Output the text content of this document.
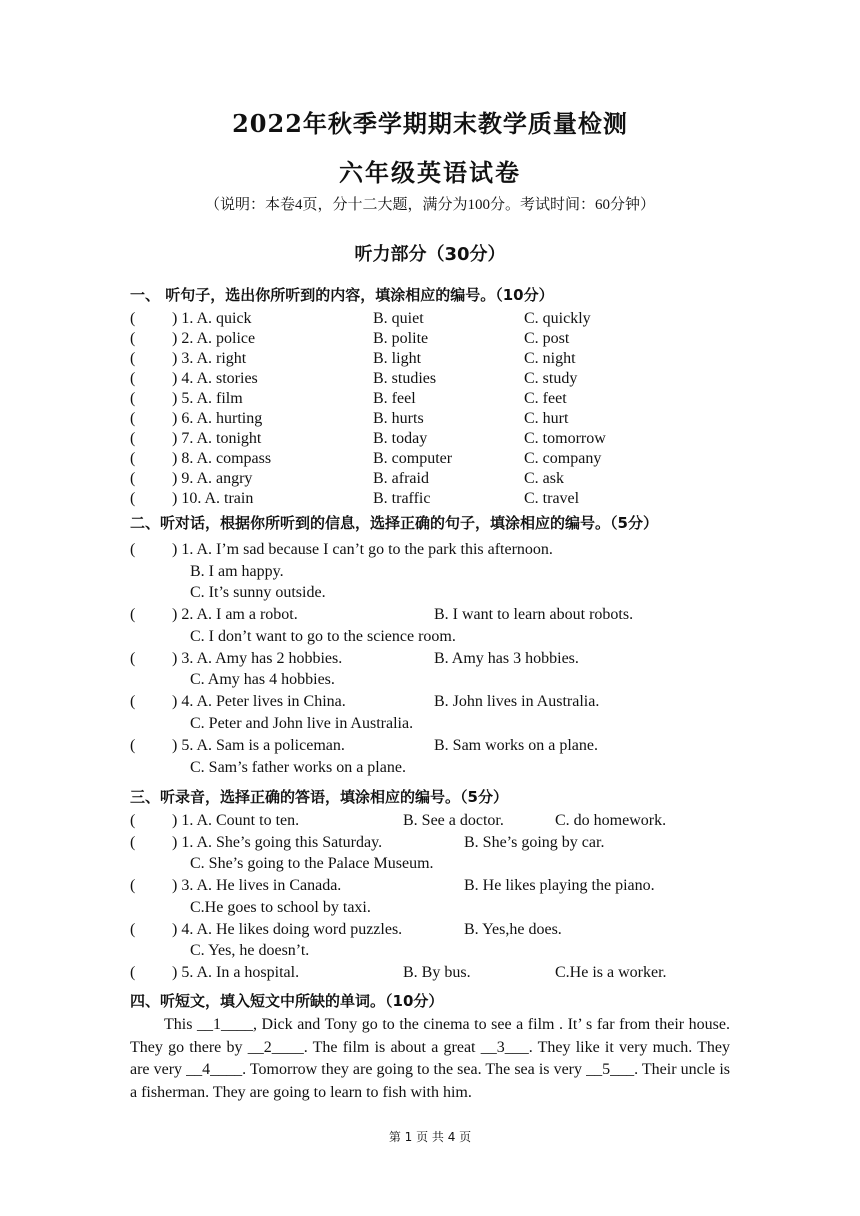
2022年秋季学期期末教学质量检测
六年级英语试卷
（说明：本卷4页，分十二大题，满分为100分。考试时间：60分钟）
听力部分（30分）
一、 听句子，选出你所听到的内容，填涂相应的编号。（10分）
( ) 1. A. quick	B. quiet	C. quickly
( ) 2. A. police	B. polite	C. post
( ) 3. A. right	B. light	C. night
( ) 4. A. stories	B. studies	C. study
( ) 5. A. film	B. feel	C. feet
( ) 6. A. hurting	B. hurts	C. hurt
( ) 7. A. tonight	B. today	C. tomorrow
( ) 8. A. compass	B. computer	C. company
( ) 9. A. angry	B. afraid	C. ask
( ) 10. A. train	B. traffic	C. travel
二、听对话，根据你所听到的信息，选择正确的句子，填涂相应的编号。（5分）
( ) 1. A. I’m sad because I can’t go to the park this afternoon.
B. I am happy.
C. It’s sunny outside.
( ) 2. A. I am a robot.	B. I want to learn about robots.
C. I don’t want to go to the science room.
( ) 3. A. Amy has 2 hobbies.	B. Amy has 3 hobbies.
C. Amy has 4 hobbies.
( ) 4. A. Peter lives in China.	B. John lives in Australia.
C. Peter and John live in Australia.
( ) 5. A. Sam is a policeman.	B. Sam works on a plane.
C. Sam’s father works on a plane.
三、听录音，选择正确的答语，填涂相应的编号。（5分）
( ) 1. A. Count to ten.	B. See a doctor.	C. do homework.
( ) 1. A. She’s going this Saturday.	B. She’s going by car.
C. She’s going to the Palace Museum.
( ) 3. A. He lives in Canada.	B. He likes playing the piano.
C.He goes to school by taxi.
( ) 4. A. He likes doing word puzzles.	B. Yes,he does.
C. Yes, he doesn’t.
( ) 5. A. In a hospital.	B. By bus.	C.He is a worker.
四、听短文，填入短文中所缺的单词。（10分）
This __1____, Dick and Tony go to the cinema to see a film . It’ s far from their house. They go there by __2____. The film is about a great __3___. They like it very much. They are very __4____. Tomorrow they are going to the sea. The sea is very __5___. Their uncle is a fisherman. They are going to learn to fish with him.
第 1 页 共 4 页
